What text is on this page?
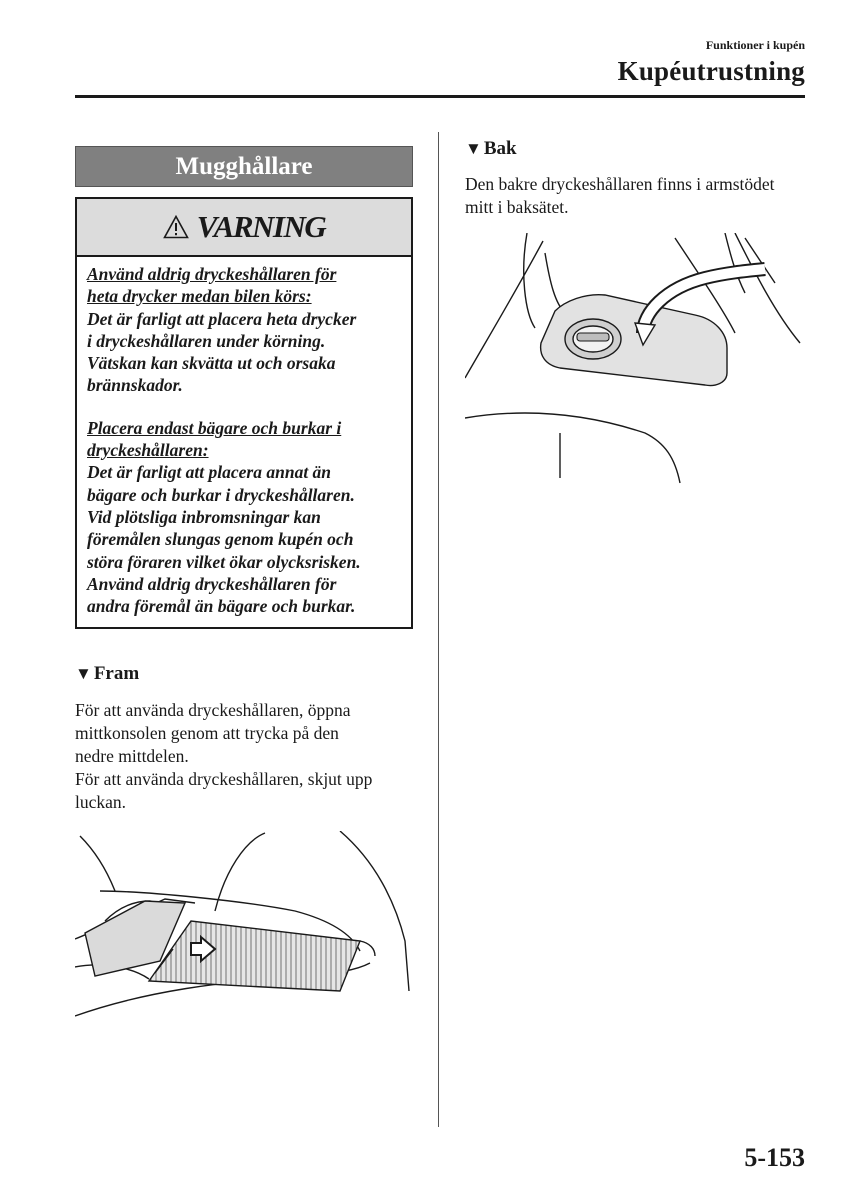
Funktioner i kupén
Kupéutrustning
Mugghållare
VARNING

Använd aldrig dryckeshållaren för

heta drycker medan bilen körs:

Det är farligt att placera heta drycker

i dryckeshållaren under körning.

Vätskan kan skvätta ut och orsaka

brännskador.

Placera endast bägare och burkar i

dryckeshållaren:

Det är farligt att placera annat än

bägare och burkar i dryckeshållaren.

Vid plötsliga inbromsningar kan

föremålen slungas genom kupén och

störa föraren vilket ökar olycksrisken.

Använd aldrig dryckeshållaren för

andra föremål än bägare och burkar.

▼ Fram

För att använda dryckeshållaren, öppna

mittkonsolen genom att trycka på den

nedre mittdelen.

För att använda dryckeshållaren, skjut upp

luckan.

▼ Bak

Den bakre dryckeshållaren finns i armstödet

mitt i baksätet.

5-153
